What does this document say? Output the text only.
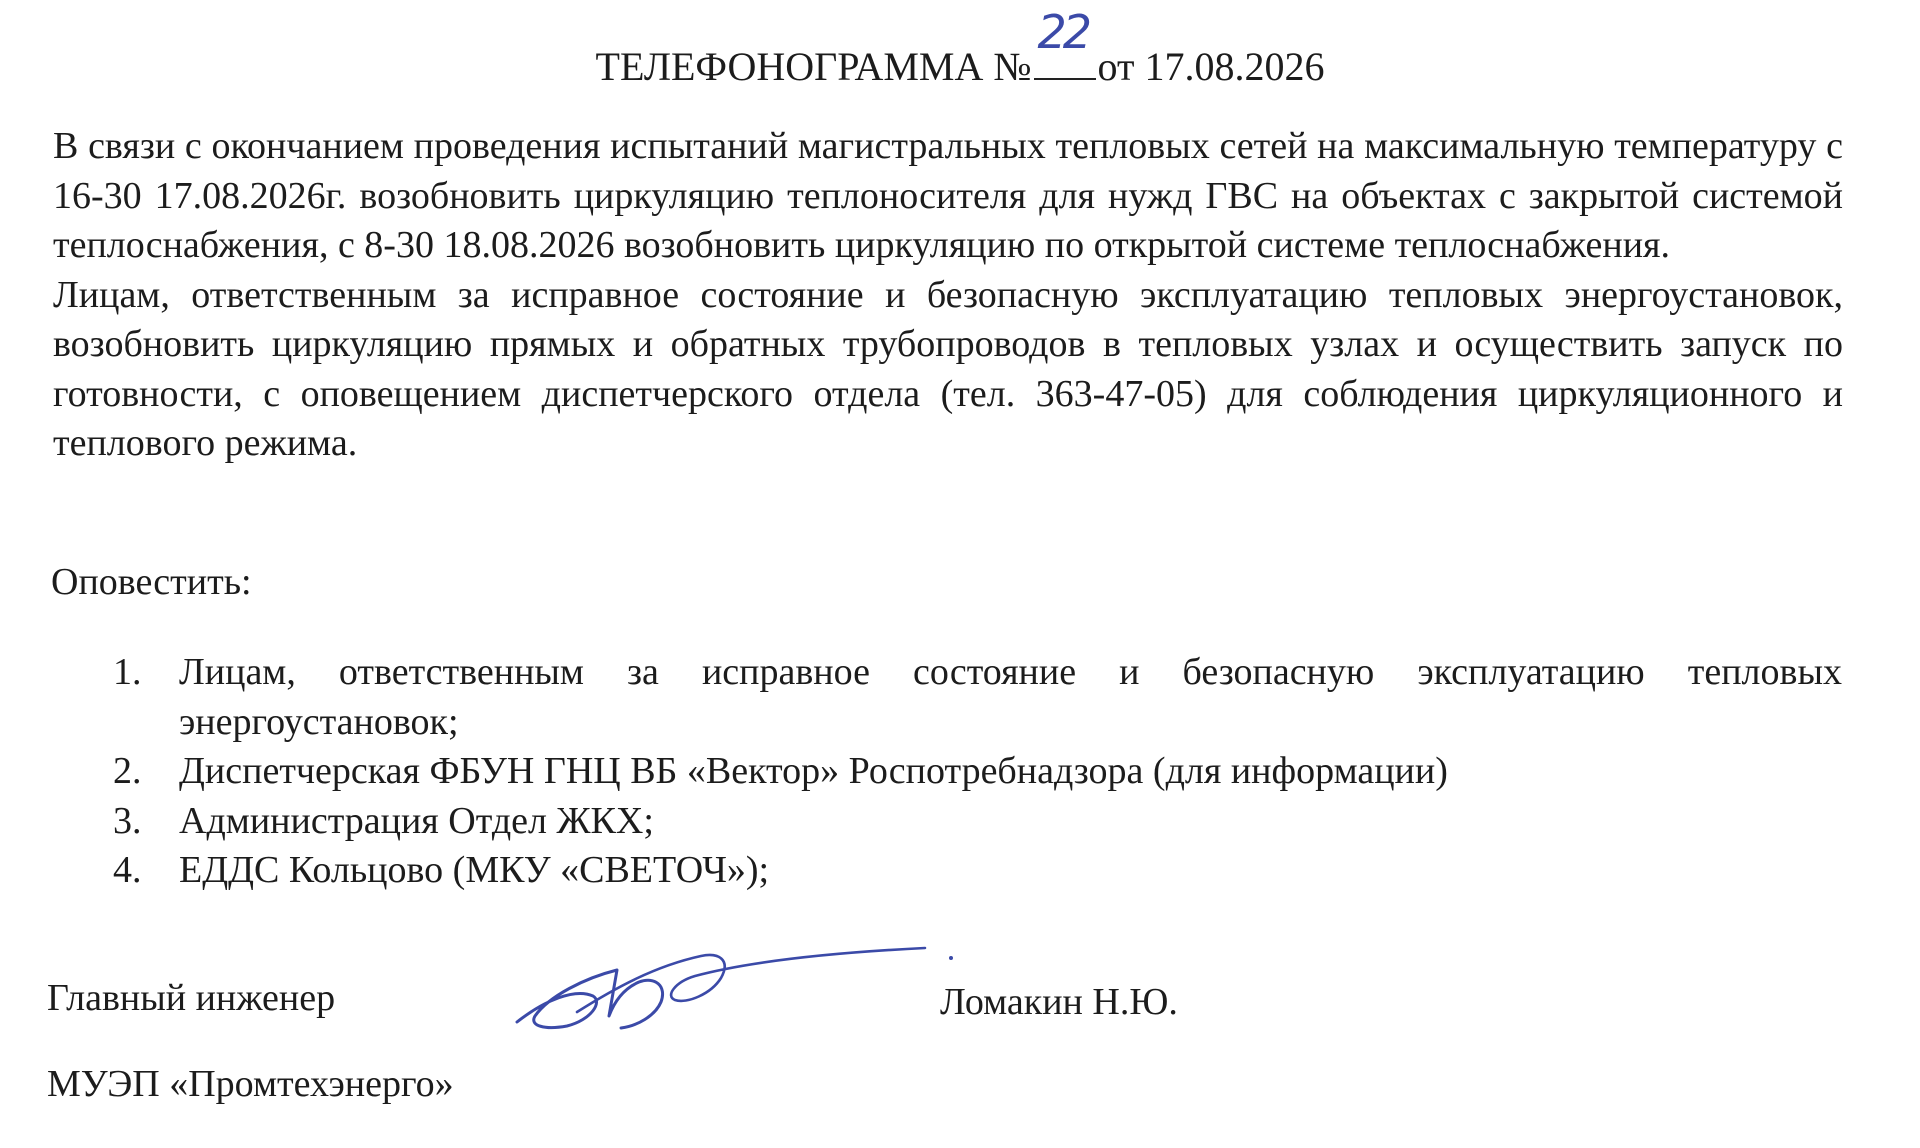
ТЕЛЕФОНОГРАММА №
22
от 17.08.2026

В связи с окончанием проведения испытаний магистральных тепловых сетей на максимальную температуру с 16-30 17.08.2026г. возобновить циркуляцию теплоносителя для нужд ГВС на объектах с закрытой системой теплоснабжения, с 8-30 18.08.2026 возобновить циркуляцию по открытой системе теплоснабжения.

Лицам, ответственным за исправное состояние и безопасную эксплуатацию тепловых энергоустановок, возобновить циркуляцию прямых и обратных трубопроводов в тепловых узлах и осуществить запуск по готовности, с оповещением диспетчерского отдела (тел. 363-47-05) для соблюдения циркуляционного и теплового режима.

Оповестить:
1. Лицам, ответственным за исправное состояние и безопасную эксплуатацию тепловых энергоустановок;
2. Диспетчерская ФБУН ГНЦ ВБ «Вектор» Роспотребнадзора (для информации)
3. Администрация Отдел ЖКХ;
4. ЕДДС Кольцово (МКУ «СВЕТОЧ»);
Главный инженер	Ломакин Н.Ю.
МУЭП «Промтехэнерго»
